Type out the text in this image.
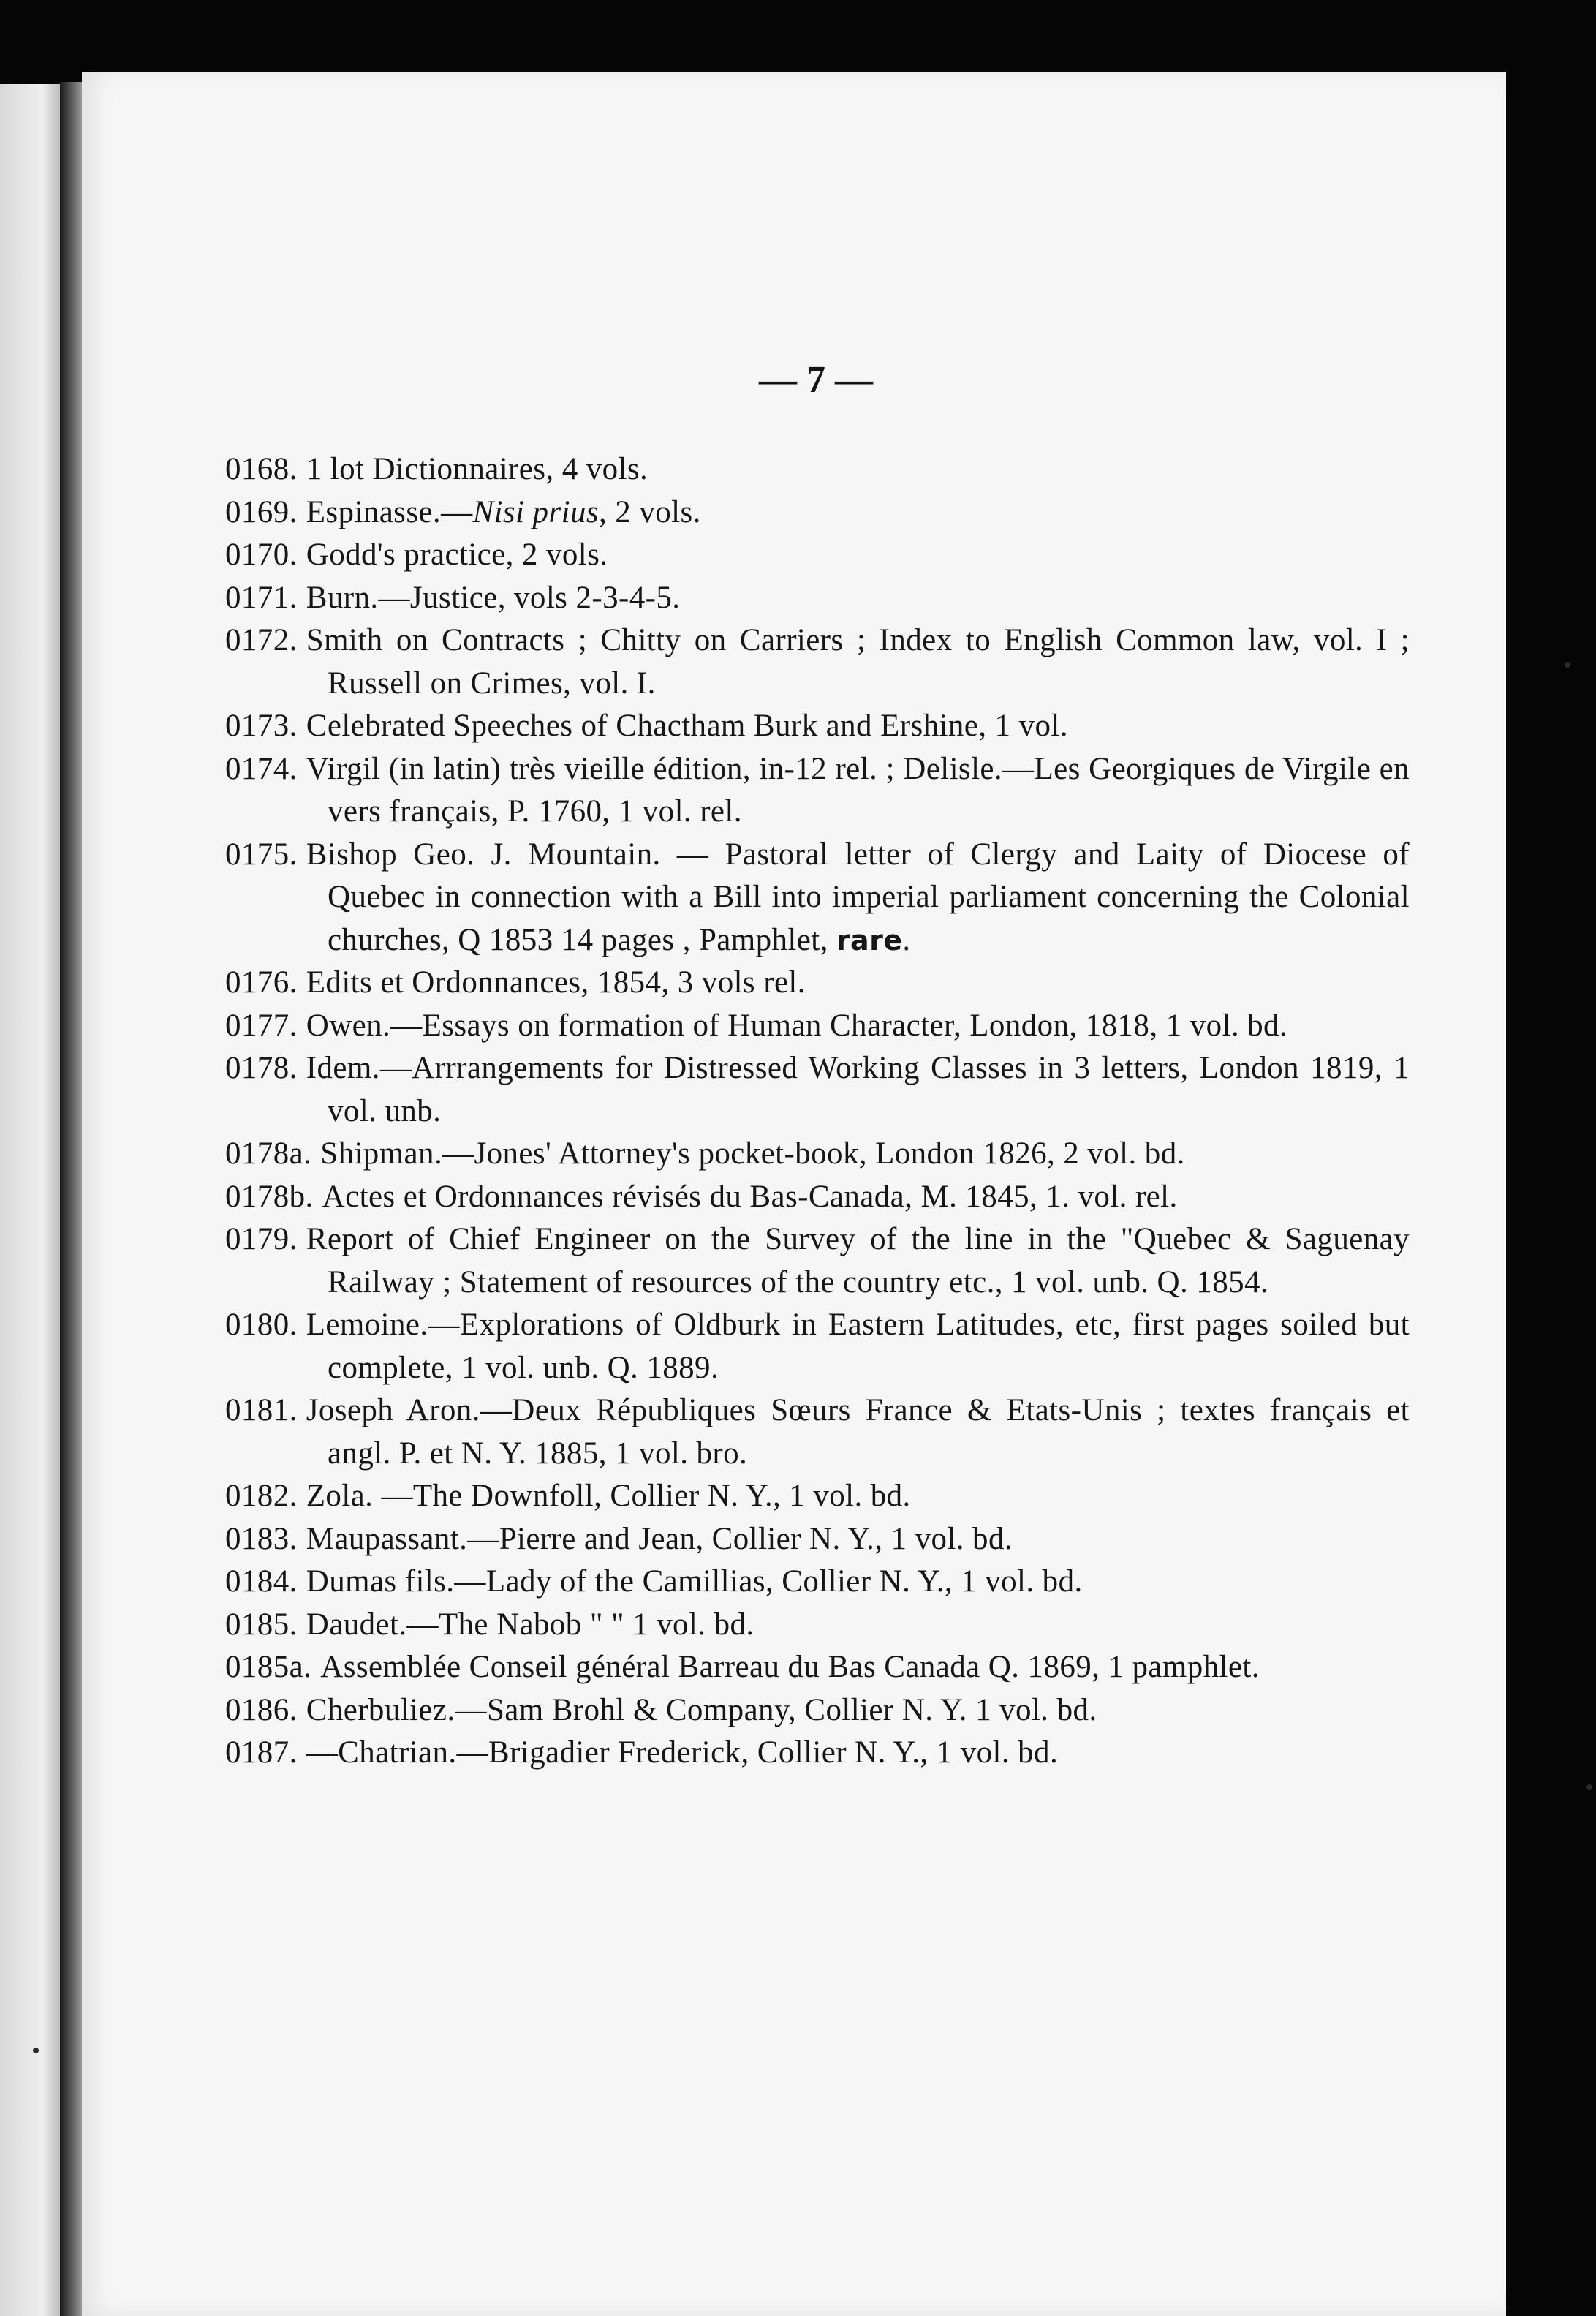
— 7 —
0168. 1 lot Dictionnaires, 4 vols.
0169. Espinasse.—Nisi prius, 2 vols.
0170. Godd's practice, 2 vols.
0171. Burn.—Justice, vols 2-3-4-5.
0172. Smith on Contracts ; Chitty on Carriers ; Index to English Common law, vol. I ; Russell on Crimes, vol. I.
0173. Celebrated Speeches of Chactham Burk and Ershine, 1 vol.
0174. Virgil (in latin) très vieille édition, in-12 rel. ; Delisle.—Les Georgiques de Virgile en vers français, P. 1760, 1 vol. rel.
0175. Bishop Geo. J. Mountain. — Pastoral letter of Clergy and Laity of Diocese of Quebec in connection with a Bill into imperial parliament concerning the Colonial churches, Q 1853 14 pages , Pamphlet, rare.
0176. Edits et Ordonnances, 1854, 3 vols rel.
0177. Owen.—Essays on formation of Human Character, London, 1818, 1 vol. bd.
0178. Idem.—Arrrangements for Distressed Working Classes in 3 letters, London 1819, 1 vol. unb.
0178a. Shipman.—Jones' Attorney's pocket-book, London 1826, 2 vol. bd.
0178b. Actes et Ordonnances révisés du Bas-Canada, M. 1845, 1. vol. rel.
0179. Report of Chief Engineer on the Survey of the line in the "Quebec & Saguenay Railway ; Statement of resources of the country etc., 1 vol. unb. Q. 1854.
0180. Lemoine.—Explorations of Oldburk in Eastern Latitudes, etc, first pages soiled but complete, 1 vol. unb. Q. 1889.
0181. Joseph Aron.—Deux Républiques Sœurs France & Etats-Unis ; textes français et angl. P. et N. Y. 1885, 1 vol. bro.
0182. Zola. —The Downfoll, Collier N. Y., 1 vol. bd.
0183. Maupassant.—Pierre and Jean, Collier N. Y., 1 vol. bd.
0184. Dumas fils.—Lady of the Camillias, Collier N. Y., 1 vol. bd.
0185. Daudet.—The Nabob " " 1 vol. bd.
0185a. Assemblée Conseil général Barreau du Bas Canada Q. 1869, 1 pamphlet.
0186. Cherbuliez.—Sam Brohl & Company, Collier N. Y. 1 vol. bd.
0187. —Chatrian.—Brigadier Frederick, Collier N. Y., 1 vol. bd.
